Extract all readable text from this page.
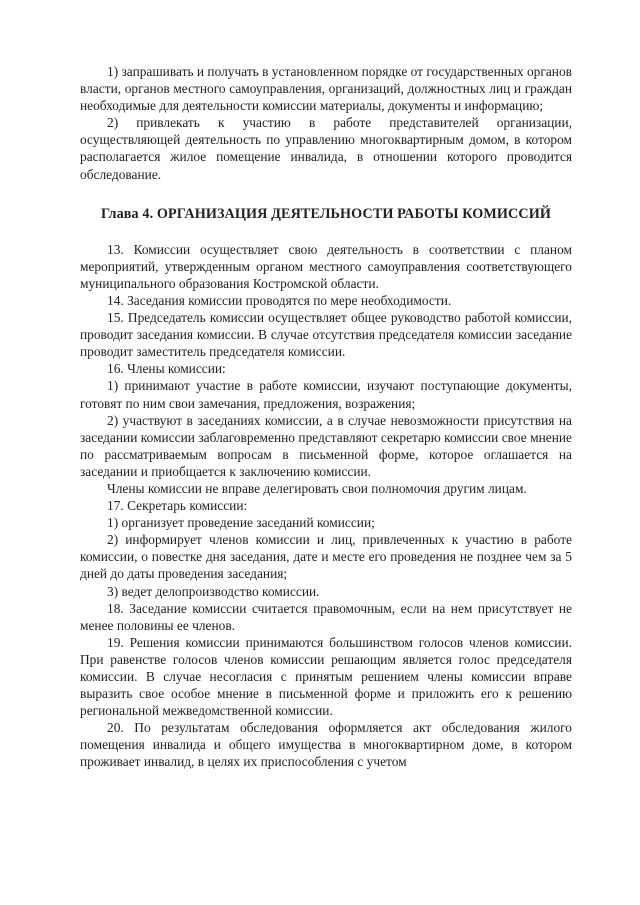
1) запрашивать и получать в установленном порядке от государственных органов власти, органов местного самоуправления, организаций, должностных лиц и граждан необходимые для деятельности комиссии материалы, документы и информацию;

2) привлекать к участию в работе представителей организации, осуществляющей деятельность по управлению многоквартирным домом, в котором располагается жилое помещение инвалида, в отношении которого проводится обследование.

Глава 4. ОРГАНИЗАЦИЯ ДЕЯТЕЛЬНОСТИ РАБОТЫ КОМИССИЙ

13. Комиссии осуществляет свою деятельность в соответствии с планом мероприятий, утвержденным органом местного самоуправления соответствующего муниципального образования Костромской области.

14. Заседания комиссии проводятся по мере необходимости.

15. Председатель комиссии осуществляет общее руководство работой комиссии, проводит заседания комиссии. В случае отсутствия председателя комиссии заседание проводит заместитель председателя комиссии.

16. Члены комиссии:

1) принимают участие в работе комиссии, изучают поступающие документы, готовят по ним свои замечания, предложения, возражения;

2) участвуют в заседаниях комиссии, а в случае невозможности присутствия на заседании комиссии заблаговременно представляют секретарю комиссии свое мнение по рассматриваемым вопросам в письменной форме, которое оглашается на заседании и приобщается к заключению комиссии.

Члены комиссии не вправе делегировать свои полномочия другим лицам.

17. Секретарь комиссии:

1) организует проведение заседаний комиссии;

2) информирует членов комиссии и лиц, привлеченных к участию в работе комиссии, о повестке дня заседания, дате и месте его проведения не позднее чем за 5 дней до даты проведения заседания;

3) ведет делопроизводство комиссии.

18. Заседание комиссии считается правомочным, если на нем присутствует не менее половины ее членов.

19. Решения комиссии принимаются большинством голосов членов комиссии. При равенстве голосов членов комиссии решающим является голос председателя комиссии. В случае несогласия с принятым решением члены комиссии вправе выразить свое особое мнение в письменной форме и приложить его к решению региональной межведомственной комиссии.

20. По результатам обследования оформляется акт обследования жилого помещения инвалида и общего имущества в многоквартирном доме, в котором проживает инвалид, в целях их приспособления с учетом
